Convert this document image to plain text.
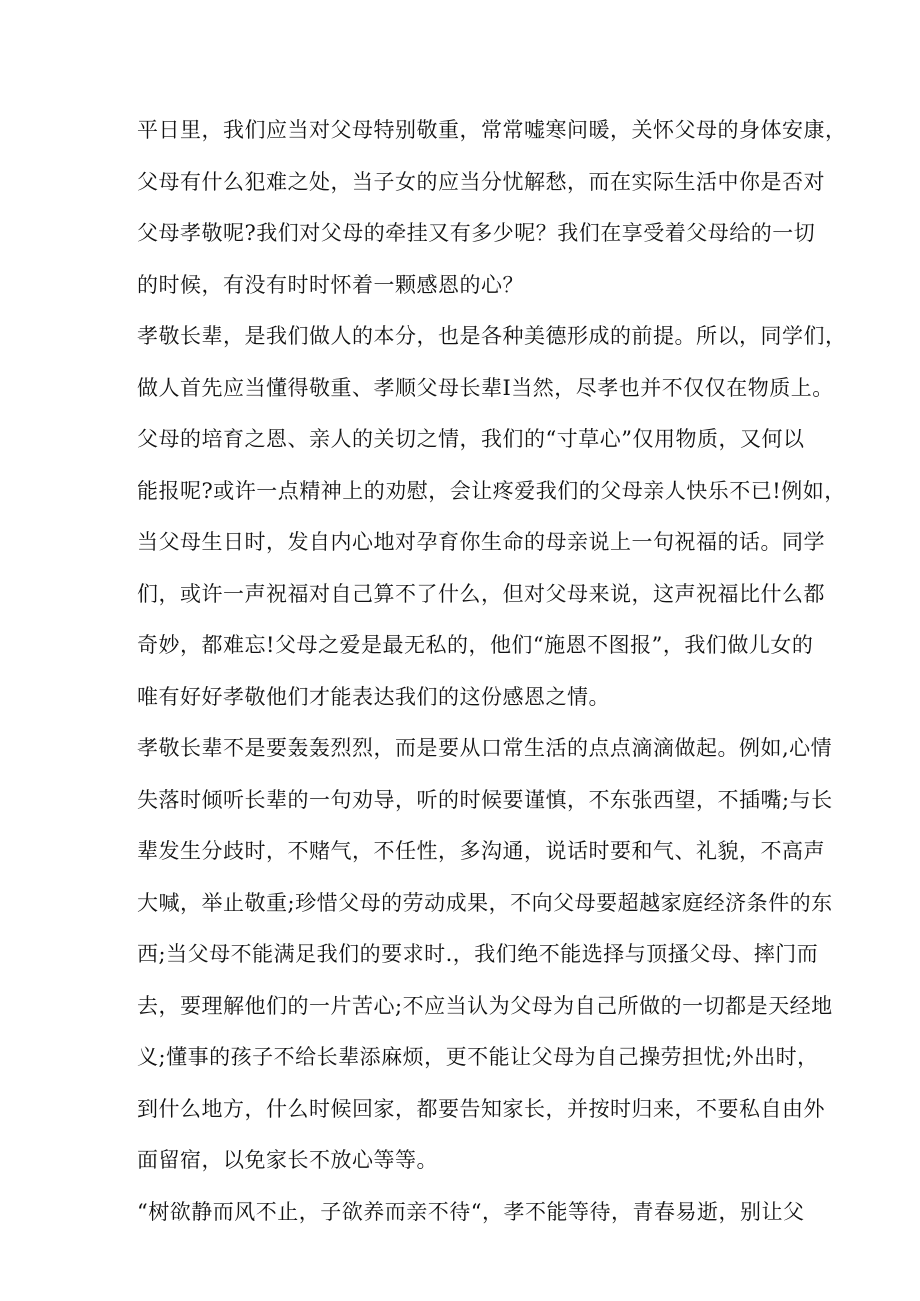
平日里，我们应当对父母特别敬重，常常嘘寒问暖，关怀父母的身体安康，
父母有什么犯难之处，当子女的应当分忧解愁，而在实际生活中你是否对
父母孝敬呢?我们对父母的牵挂又有多少呢？我们在享受着父母给的一切
的时候，有没有时时怀着一颗感恩的心？
孝敬长辈，是我们做人的本分，也是各种美德形成的前提。所以，同学们，
做人首先应当懂得敬重、孝顺父母长辈Ⅰ当然，尽孝也并不仅仅在物质上。
父母的培育之恩、亲人的关切之情，我们的“寸草心”仅用物质，又何以
能报呢?或许一点精神上的劝慰，会让疼爱我们的父母亲人快乐不已!例如，
当父母生日时，发自内心地对孕育你生命的母亲说上一句祝福的话。同学
们，或许一声祝福对自己算不了什么，但对父母来说，这声祝福比什么都
奇妙，都难忘!父母之爱是最无私的，他们“施恩不图报”，我们做儿女的
唯有好好孝敬他们才能表达我们的这份感恩之情。
孝敬长辈不是要轰轰烈烈，而是要从口常生活的点点滴滴做起。例如,心情
失落时倾听长辈的一句劝导，听的时候要谨慎，不东张西望，不插嘴;与长
辈发生分歧时，不赌气，不任性，多沟通，说话时要和气、礼貌，不高声
大喊，举止敬重;珍惜父母的劳动成果，不向父母要超越家庭经济条件的东
西;当父母不能满足我们的要求时.，我们绝不能选择与顶搔父母、摔门而
去，要理解他们的一片苦心;不应当认为父母为自己所做的一切都是天经地
义;懂事的孩子不给长辈添麻烦，更不能让父母为自己操劳担忧;外出时，
到什么地方，什么时候回家，都要告知家长，并按时归来，不要私自由外
面留宿，以免家长不放心等等。
“树欲静而风不止，子欲养而亲不待“，孝不能等待，青春易逝，别让父
